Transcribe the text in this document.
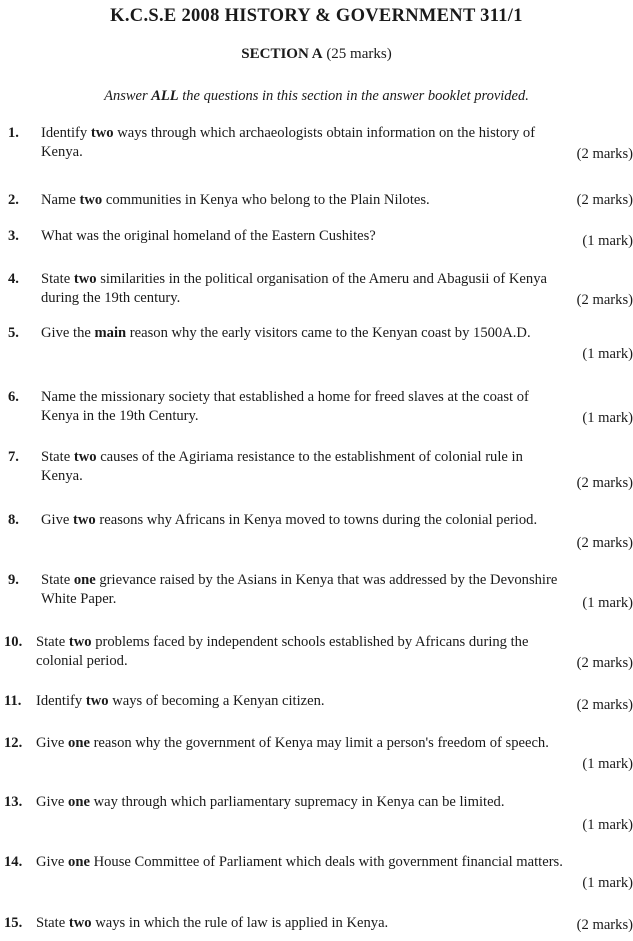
K.C.S.E 2008 HISTORY & GOVERNMENT 311/1
SECTION A (25 marks)
Answer ALL the questions in this section in the answer booklet provided.
1. Identify two ways through which archaeologists obtain information on the history of
Kenya.	(2 marks)
2. Name two communities in Kenya who belong to the Plain Nilotes.	(2 marks)
3. What was the original homeland of the Eastern Cushites?	(1 mark)
4. State two similarities in the political organisation of the Ameru and Abagusii of Kenya
during the 19th century.	(2 marks)
5. Give the main reason why the early visitors came to the Kenyan coast by 1500A.D.
(1 mark)
6. Name the missionary society that established a home for freed slaves at the coast of
Kenya in the 19th Century.	(1 mark)
7. State two causes of the Agiriama resistance to the establishment of colonial rule in
Kenya.	(2 marks)
8. Give two reasons why Africans in Kenya moved to towns during the colonial period.
(2 marks)
9. State one grievance raised by the Asians in Kenya that was addressed by the Devonshire
White Paper.	(1 mark)
10. State two problems faced by independent schools established by Africans during the
colonial period.	(2 marks)
11. Identify two ways of becoming a Kenyan citizen.	(2 marks)
12. Give one reason why the government of Kenya may limit a person's freedom of speech.
(1 mark)
13. Give one way through which parliamentary supremacy in Kenya can be limited.
(1 mark)
14. Give one House Committee of Parliament which deals with government financial matters.
(1 mark)
15. State two ways in which the rule of law is applied in Kenya.	(2 marks)
